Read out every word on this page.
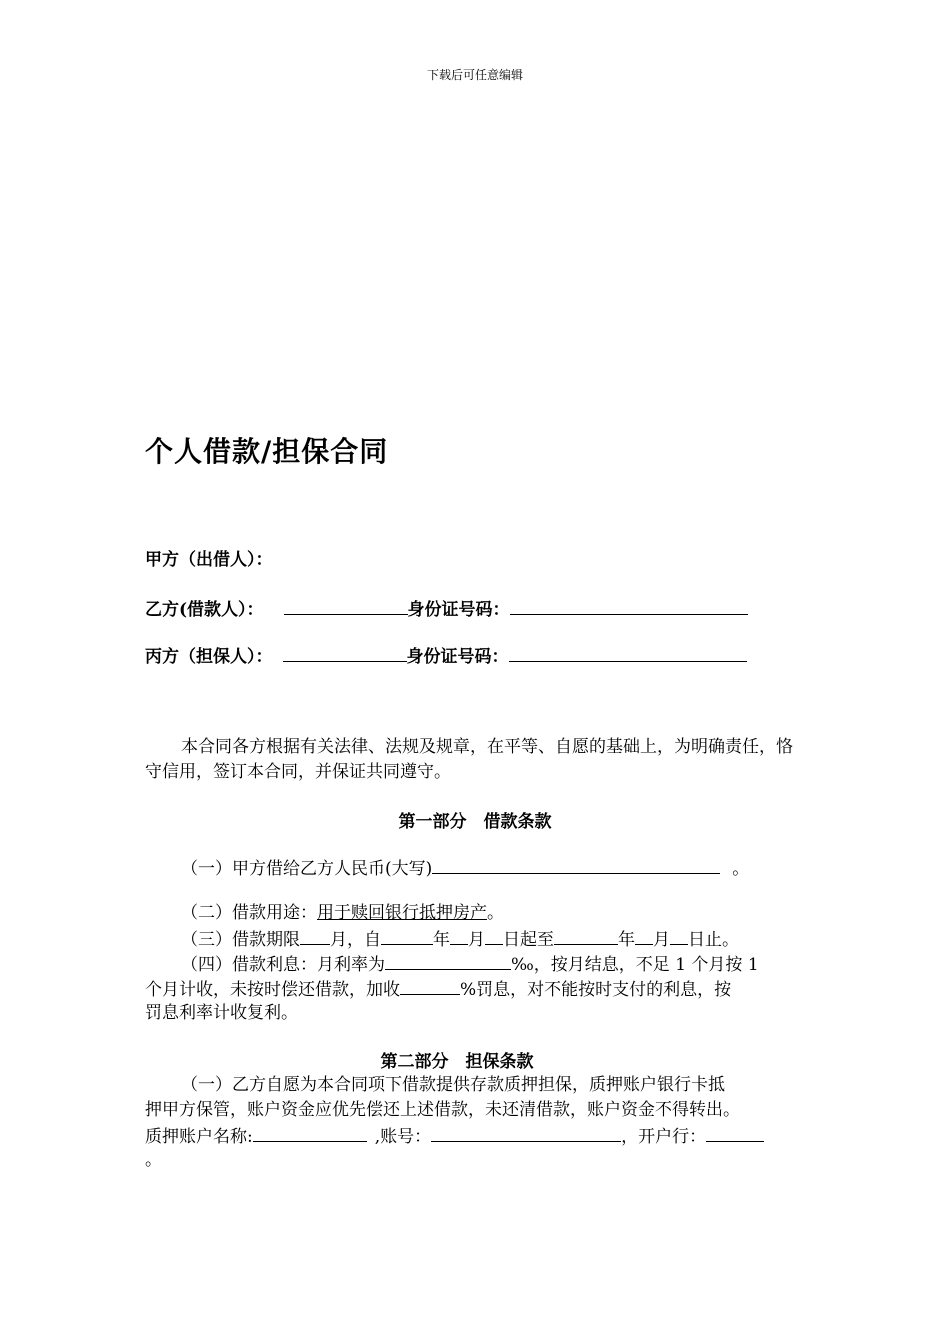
下载后可任意编辑
个人借款/担保合同
甲方（出借人）：
乙方(借款人）：	身份证号码：
丙方（担保人）：	身份证号码：
本合同各方根据有关法律、法规及规章，在平等、自愿的基础上，为明确责任，恪守信用，签订本合同，并保证共同遵守。
第一部分　借款条款
（一）甲方借给乙方人民币(大写)	。
（二）借款用途：用于赎回银行抵押房产。
（三）借款期限 月，自	年 月 日起至	年 月 日止。
（四）借款利息：月利率为	‰，按月结息，不足 1 个月按 1
个月计收，未按时偿还借款，加收	%罚息，对不能按时支付的利息，按
罚息利率计收复利。
第二部分　担保条款
（一）乙方自愿为本合同项下借款提供存款质押担保，质押账户银行卡抵
押甲方保管，账户资金应优先偿还上述借款，未还清借款，账户资金不得转出。
质押账户名称:	,账号：	，开户行：
。
